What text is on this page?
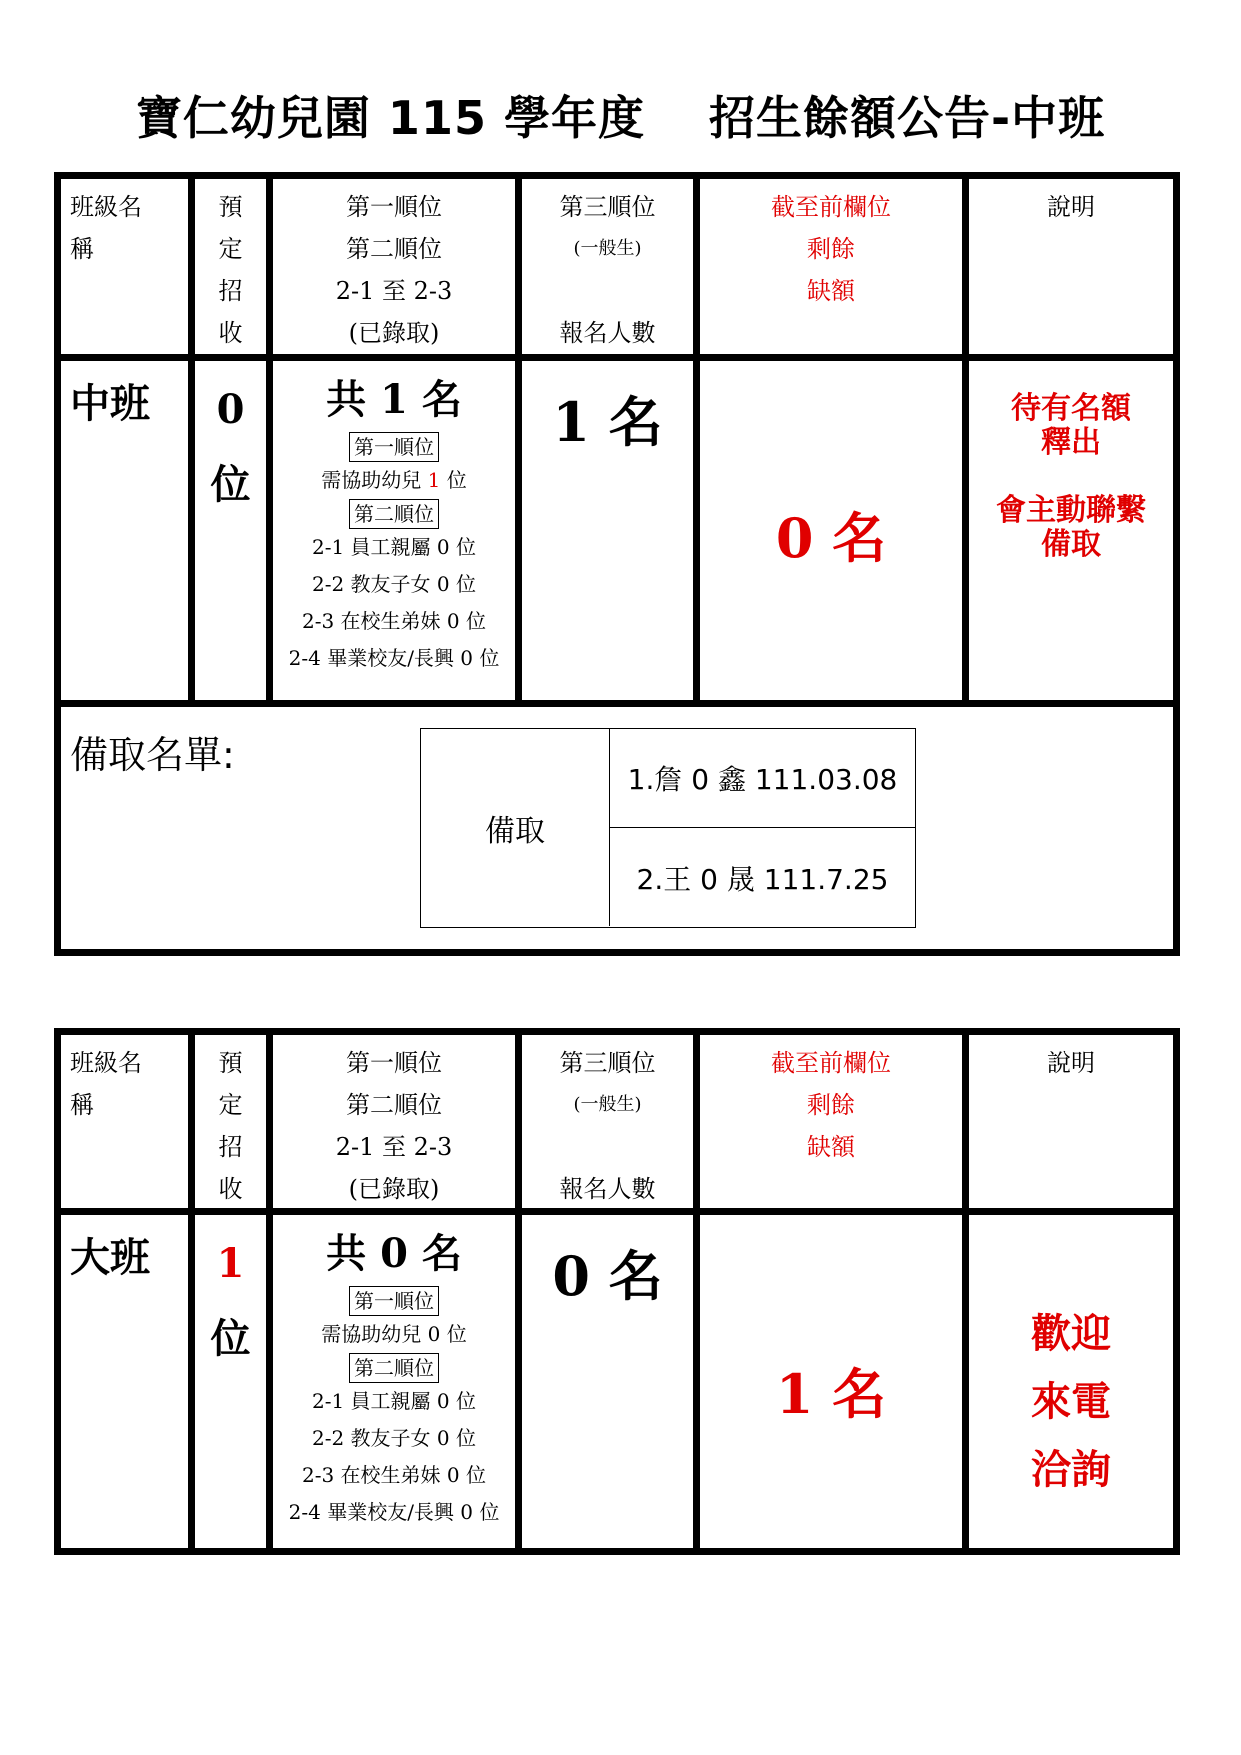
寶仁幼兒園 115 學年度　 招生餘額公告-中班
班級名
稱
預
定
招
收
第一順位
第二順位
2-1 至 2-3
(已錄取)
第三順位
(一般生)
報名人數
截至前欄位
剩餘
缺額
說明
中班	0
位
共 1 名
第一順位
需協助幼兒 1 位
第二順位
2-1 員工親屬 0 位
2-2 教友子女 0 位
2-3 在校生弟妹 0 位
2-4 畢業校友/長興 0 位
1 名
0 名
待有名額
釋出
會主動聯繫
備取
備取名單:
備取
1.詹 0 鑫 111.03.08
2.王 0 晟 111.7.25
班級名
稱
預
定
招
收
第一順位
第二順位
2-1 至 2-3
(已錄取)
第三順位
(一般生)
報名人數
截至前欄位
剩餘
缺額
說明
大班	1
位
共 0 名
第一順位
需協助幼兒 0 位
第二順位
2-1 員工親屬 0 位
2-2 教友子女 0 位
2-3 在校生弟妹 0 位
2-4 畢業校友/長興 0 位
0 名
1 名
歡迎
來電
洽詢
